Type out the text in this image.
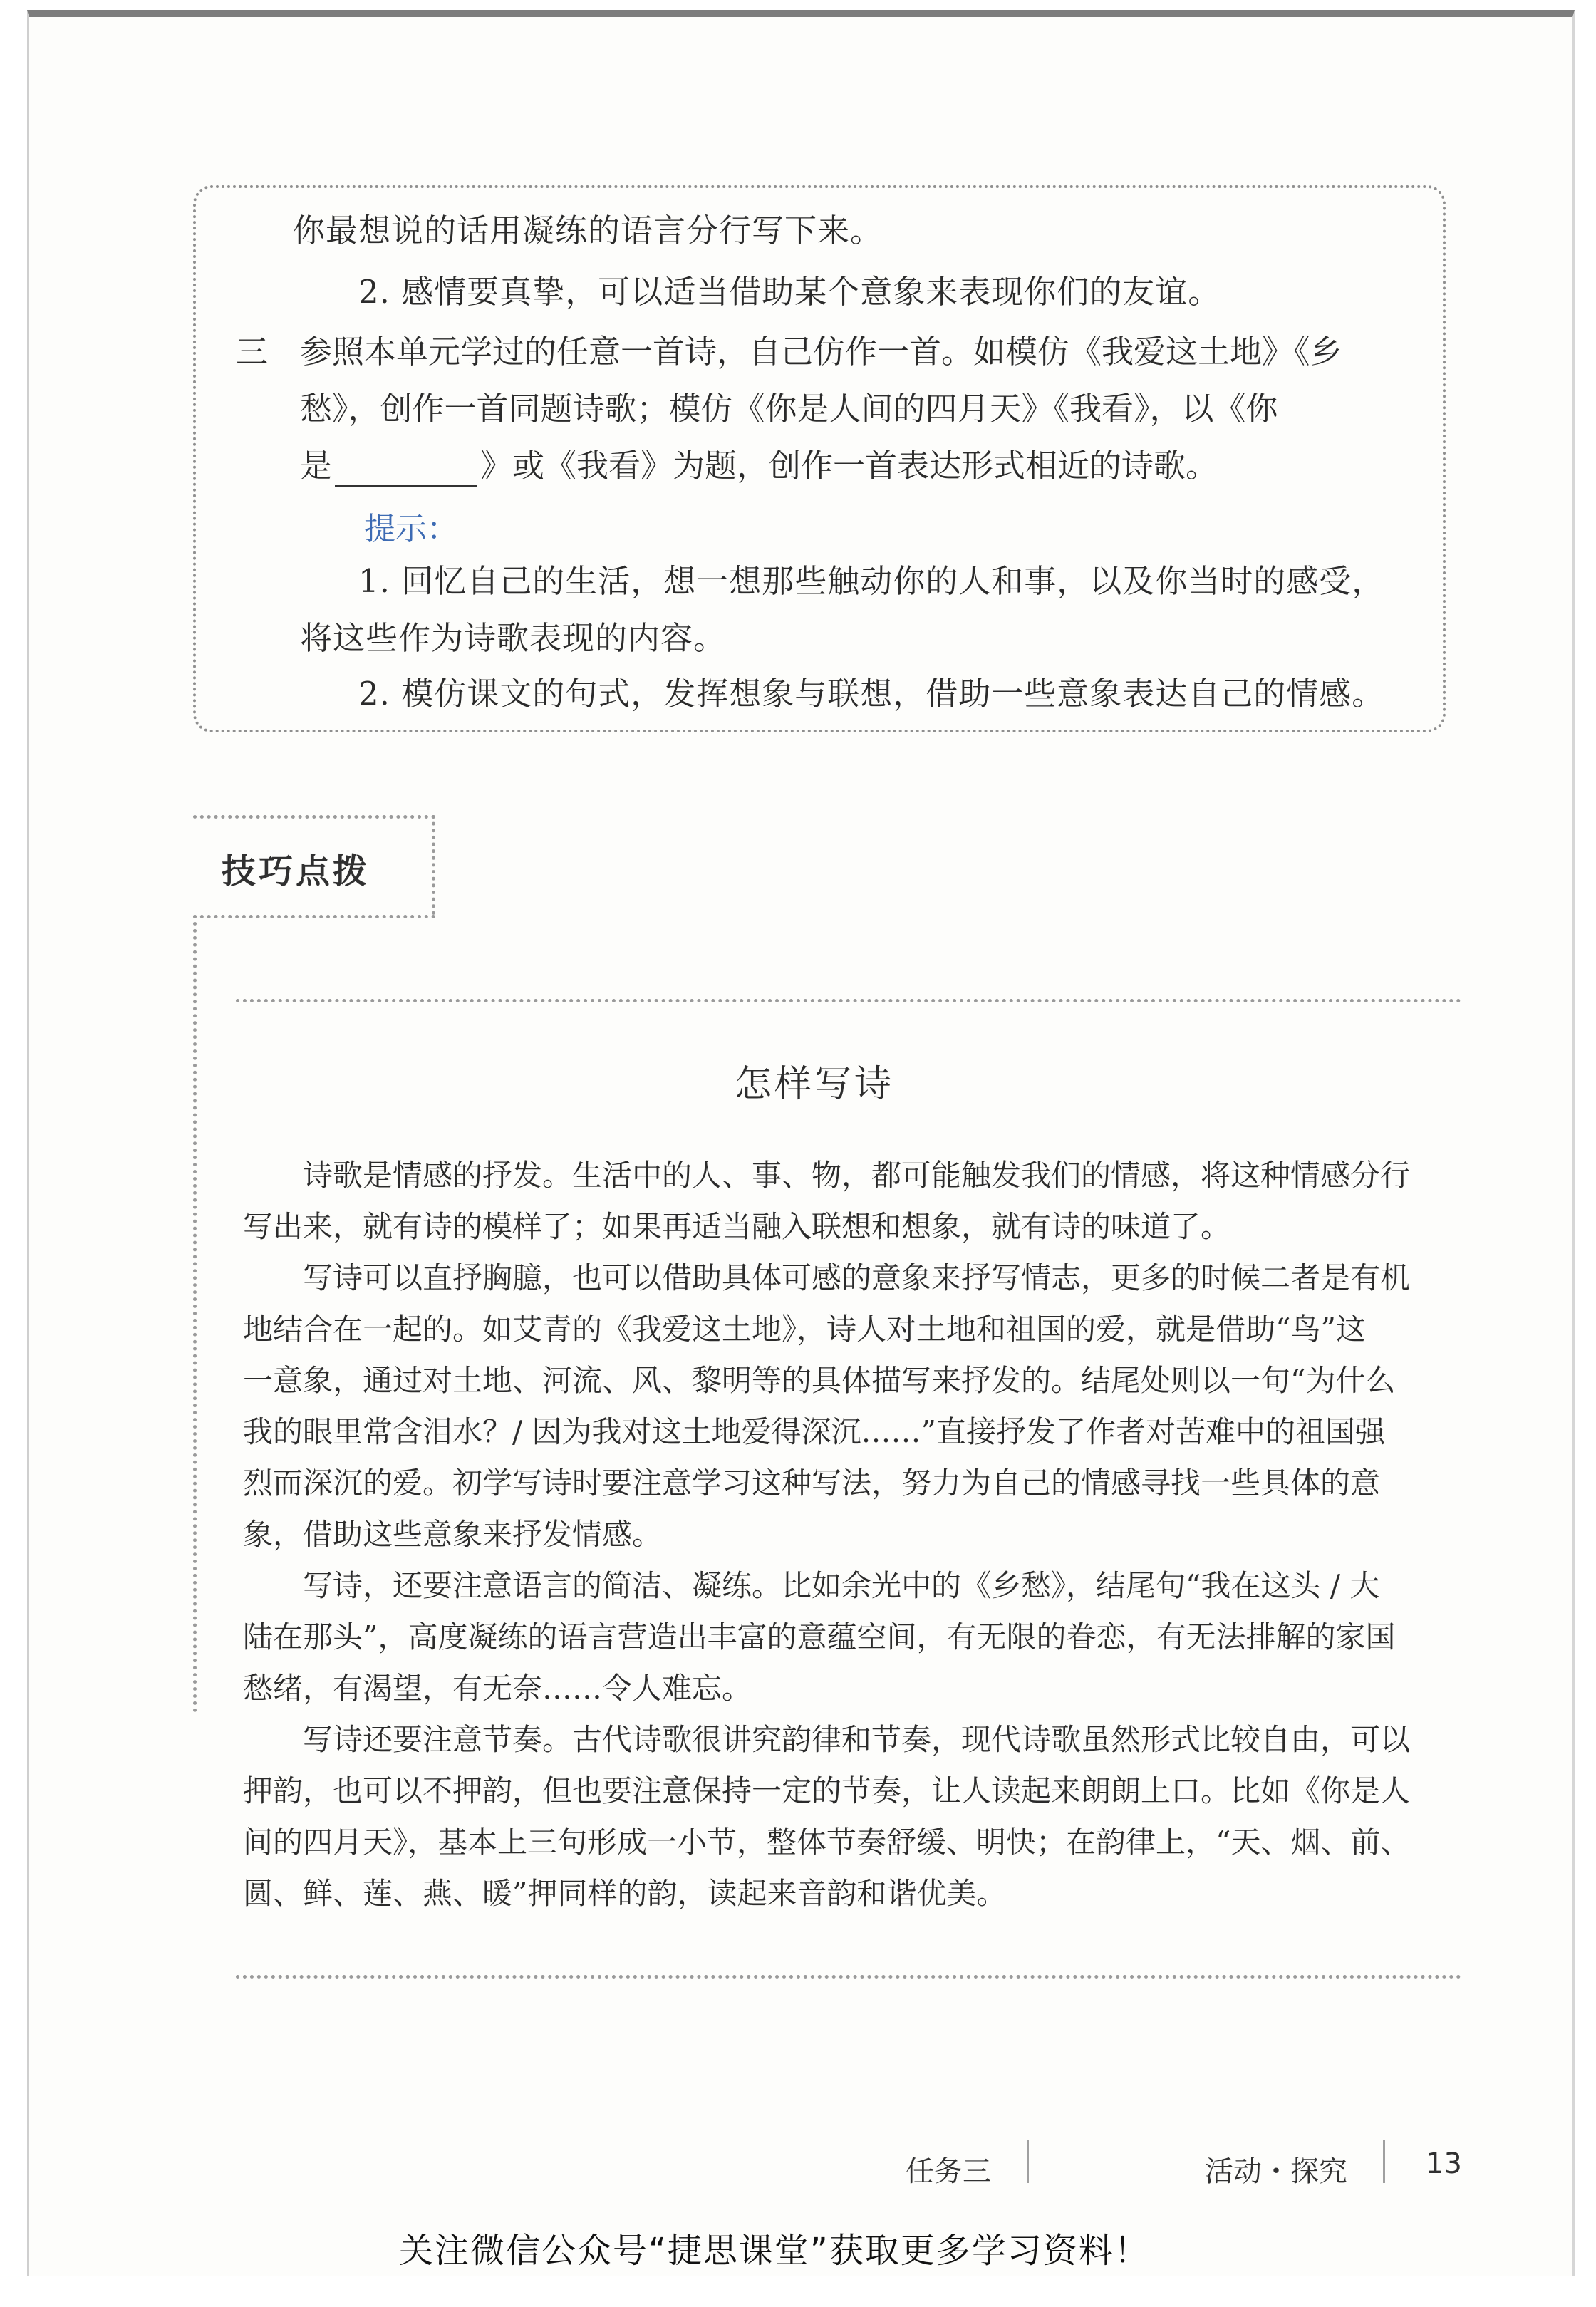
你最想说的话用凝练的语言分行写下来。
2. 感情要真挚，可以适当借助某个意象来表现你们的友谊。
三 参照本单元学过的任意一首诗，自己仿作一首。如模仿《我爱这土地》《乡
愁》，创作一首同题诗歌；模仿《你是人间的四月天》《我看》，以《你
是	》或《我看》为题，创作一首表达形式相近的诗歌。
提示：
1. 回忆自己的生活，想一想那些触动你的人和事，以及你当时的感受，
将这些作为诗歌表现的内容。
2. 模仿课文的句式，发挥想象与联想，借助一些意象表达自己的情感。
技巧点拨
怎样写诗
诗歌是情感的抒发。生活中的人、事、物，都可能触发我们的情感，将这种情感分行
写出来，就有诗的模样了；如果再适当融入联想和想象，就有诗的味道了。
写诗可以直抒胸臆，也可以借助具体可感的意象来抒写情志，更多的时候二者是有机
地结合在一起的。如艾青的《我爱这土地》，诗人对土地和祖国的爱，就是借助“鸟”这
一意象，通过对土地、河流、风、黎明等的具体描写来抒发的。结尾处则以一句“为什么
我的眼里常含泪水？/ 因为我对这土地爱得深沉……”直接抒发了作者对苦难中的祖国强
烈而深沉的爱。初学写诗时要注意学习这种写法，努力为自己的情感寻找一些具体的意
象，借助这些意象来抒发情感。
写诗，还要注意语言的简洁、凝练。比如余光中的《乡愁》，结尾句“我在这头 / 大
陆在那头”，高度凝练的语言营造出丰富的意蕴空间，有无限的眷恋，有无法排解的家国
愁绪，有渴望，有无奈……令人难忘。
写诗还要注意节奏。古代诗歌很讲究韵律和节奏，现代诗歌虽然形式比较自由，可以
押韵，也可以不押韵，但也要注意保持一定的节奏，让人读起来朗朗上口。比如《你是人
间的四月天》，基本上三句形成一小节，整体节奏舒缓、明快；在韵律上，“天、烟、前、
圆、鲜、莲、燕、暖”押同样的韵，读起来音韵和谐优美。
任务三	活动・探究	13
关注微信公众号“捷思课堂”获取更多学习资料！
